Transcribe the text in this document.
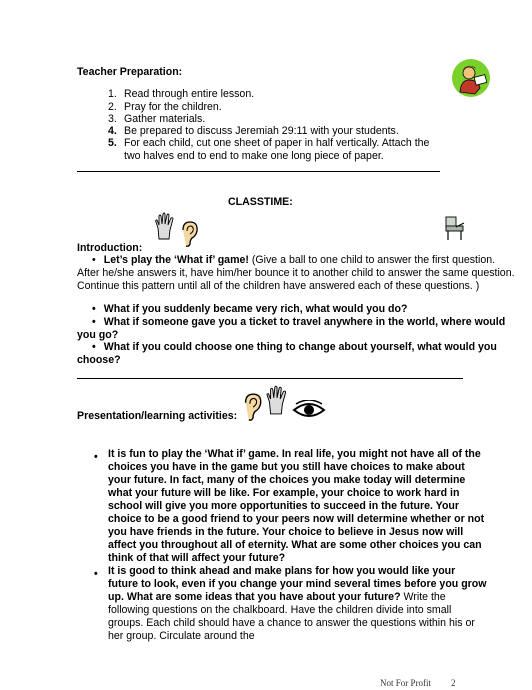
Teacher Preparation:
1. Read through entire lesson.
2. Pray for the children.
3. Gather materials.
4. Be prepared to discuss Jeremiah 29:11 with your students.
5. For each child, cut one sheet of paper in half vertically. Attach the two halves end to end to make one long piece of paper.
CLASSTIME:
Introduction:
• Let’s play the ‘What if’ game! (Give a ball to one child to answer the first question. After he/she answers it, have him/her bounce it to another child to answer the same question. Continue this pattern until all of the children have answered each of these questions. )
• What if you suddenly became very rich, what would you do?
• What if someone gave you a ticket to travel anywhere in the world, where would you go?
• What if you could choose one thing to change about yourself, what would you choose?
Presentation/learning activities:
• It is fun to play the ‘What if’ game. In real life, you might not have all of the choices you have in the game but you still have choices to make about your future. In fact, many of the choices you make today will determine what your future will be like. For example, your choice to work hard in school will give you more opportunities to succeed in the future. Your choice to be a good friend to your peers now will determine whether or not you have friends in the future. Your choice to believe in Jesus now will affect you throughout all of eternity. What are some other choices you can think of that will affect your future?
• It is good to think ahead and make plans for how you would like your future to look, even if you change your mind several times before you grow up. What are some ideas that you have about your future? Write the following questions on the chalkboard. Have the children divide into small groups. Each child should have a chance to answer the questions within his or her group. Circulate around the
Not For Profit 2
